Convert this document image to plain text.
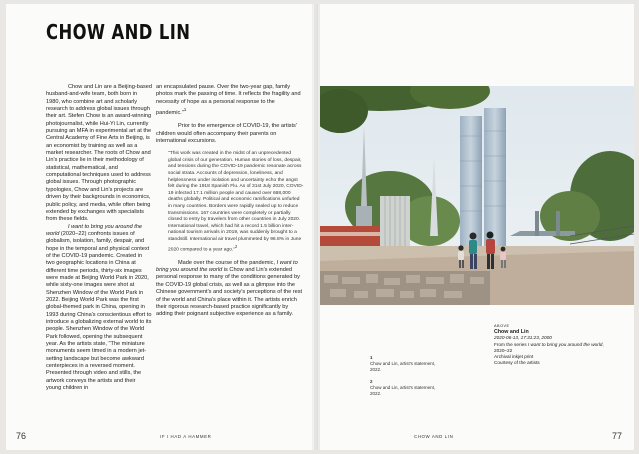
CHOW AND LIN

Chow and Lin are a Beijing-based husband-and-wife team, both born in 1980, who combine art and scholarly research to address global issues through their art. Stefen Chow is an award-winning photojournalist, while Hui-Yi Lin, currently pursuing an MFA in experimental art at the Central Academy of Fine Arts in Beijing, is an economist by training as well as a market researcher. The roots of Chow and Lin's practice lie in their methodology of statistical, mathematical, and computational techniques used to address global issues. Through photographic typologies, Chow and Lin's projects are driven by their backgrounds in economics, public policy, and media, while often being extended by exchanges with specialists from these fields.

I want to bring you around the world (2020–22) confronts issues of globalism, isolation, family, despair, and hope in the temporal and physical context of the COVID-19 pandemic. Created in two geographic locations in China at different time periods, thirty-six images were made at Beijing World Park in 2020, while sixty-one images were shot at Shenzhen Window of the World Park in 2022. Beijing World Park was the first global-themed park in China, opening in 1993 during China's conscientious effort to introduce a globalizing external world to its people. Shenzhen Window of the World Park followed, opening the subsequent year. As the artists state, "The miniature monuments seem timed in a modern jet-setting landscape but become awkward centerpieces in a reversed moment. Presented through video and stills, the artwork conveys the artists and their young children in

an encapsulated pause. Over the two-year gap, family photos mark the passing of time. It reflects the fragility and necessity of hope as a personal response to the pandemic."$^1$

Prior to the emergence of COVID-19, the artists' children would often accompany their parents on international excursions.

"This work was created in the midst of an unprecedented global crisis of our generation. Human stories of loss, despair, and tensions during the COVID-19 pandemic resonate across social strata. Accounts of depression, loneliness, and helplessness under isolation and uncertainty echo the angst felt during the 1918 Spanish Flu. As of 31st July 2020, COVID-19 infected 17.1 million people and caused over 668,000 deaths globally. Political and economic ramifications unfurled in many countries. Borders were rapidly sealed up to reduce transmissions. 167 countries were completely or partially closed to entry by travelers from other countries in July 2020. International travel, which had hit a record 1.5 billion inter-national tourism arrivals in 2019, was suddenly brought to a standstill. International air travel plummeted by 96.8% in June 2020 compared to a year ago."$^2$

Made over the course of the pandemic, I want to bring you around the world is Chow and Lin's extended personal response to many of the conditions generated by the COVID-19 global crisis, as well as a glimpse into the Chinese government's and society's perceptions of the rest of the world and China's place within it. The artists enrich their rigorous research-based practice significantly by adding their poignant subjective experience as a family.

1
Chow and Lin, artist's statement, 2022.
2
Chow and Lin, artist's statement, 2022.
ABOVE
Chow and Lin
2020-06-13, 17:31:23, 2000
From the series I want to bring you around the world, 2020–22
Archival inkjet print
Courtesy of the artists
76	IF I HAD A HAMMER	CHOW AND LIN	77
